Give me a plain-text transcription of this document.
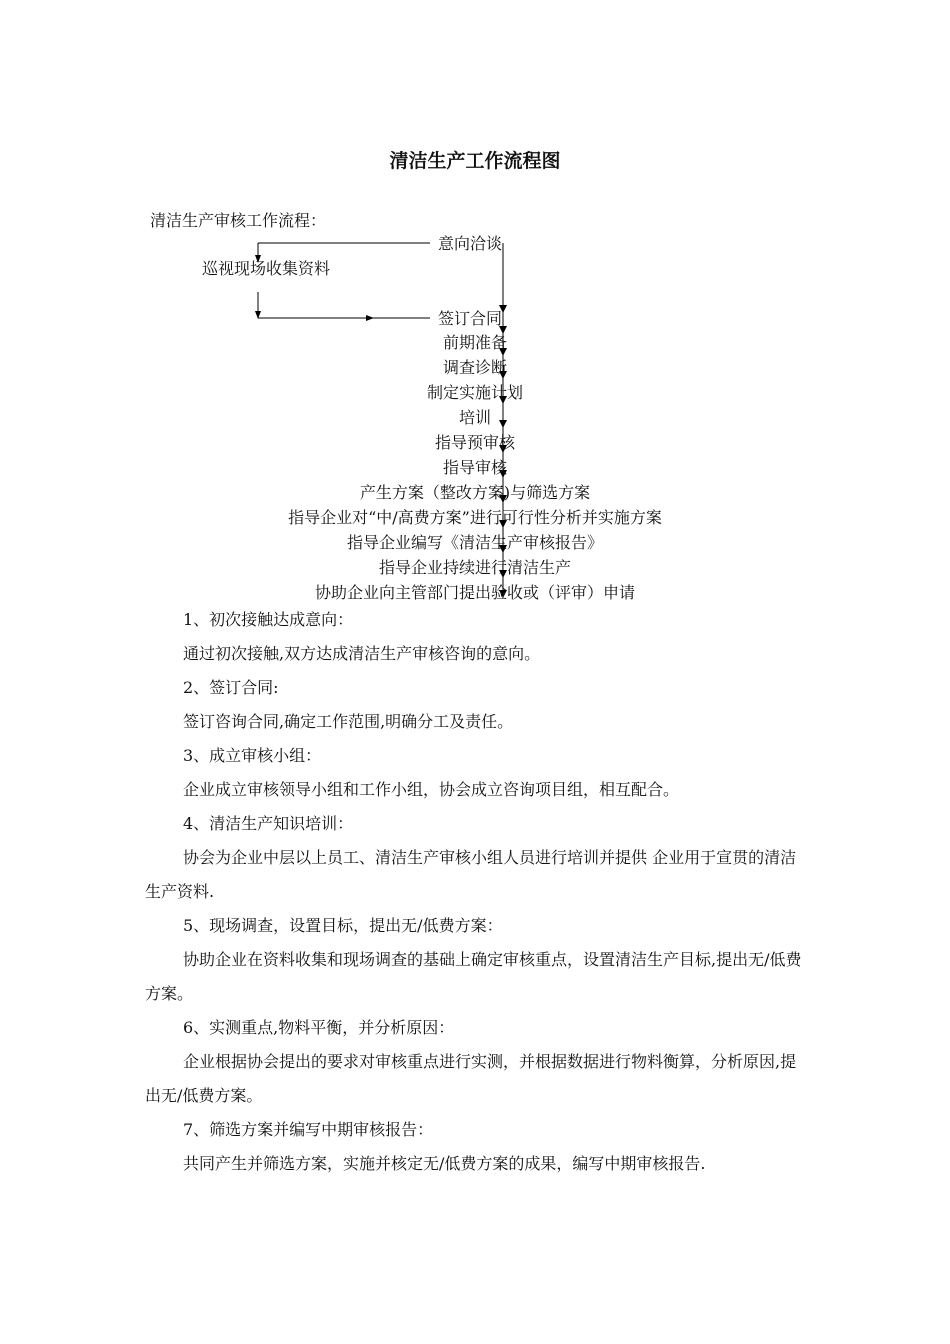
清洁生产工作流程图
清洁生产审核工作流程：
意向洽谈
巡视现场收集资料
签订合同
前期准备
调查诊断
制定实施计划
培训
指导预审核
指导审核
产生方案（整改方案)与筛选方案
指导企业对“中/高费方案”进行可行性分析并实施方案
指导企业编写《清洁生产审核报告》
指导企业持续进行清洁生产
协助企业向主管部门提出验收或（评审）申请

1、初次接触达成意向：

通过初次接触,双方达成清洁生产审核咨询的意向。

2、签订合同:

签订咨询合同,确定工作范围,明确分工及责任。

3、成立审核小组：

企业成立审核领导小组和工作小组，协会成立咨询项目组，相互配合。

4、清洁生产知识培训：

协会为企业中层以上员工、清洁生产审核小组人员进行培训并提供 企业用于宣贯的清洁生产资料.

5、现场调查，设置目标，提出无/低费方案：

协助企业在资料收集和现场调查的基础上确定审核重点，设置清洁生产目标,提出无/低费方案。

6、实测重点,物料平衡，并分析原因：

企业根据协会提出的要求对审核重点进行实测，并根据数据进行物料衡算，分析原因,提出无/低费方案。

7、筛选方案并编写中期审核报告：

共同产生并筛选方案，实施并核定无/低费方案的成果，编写中期审核报告.
